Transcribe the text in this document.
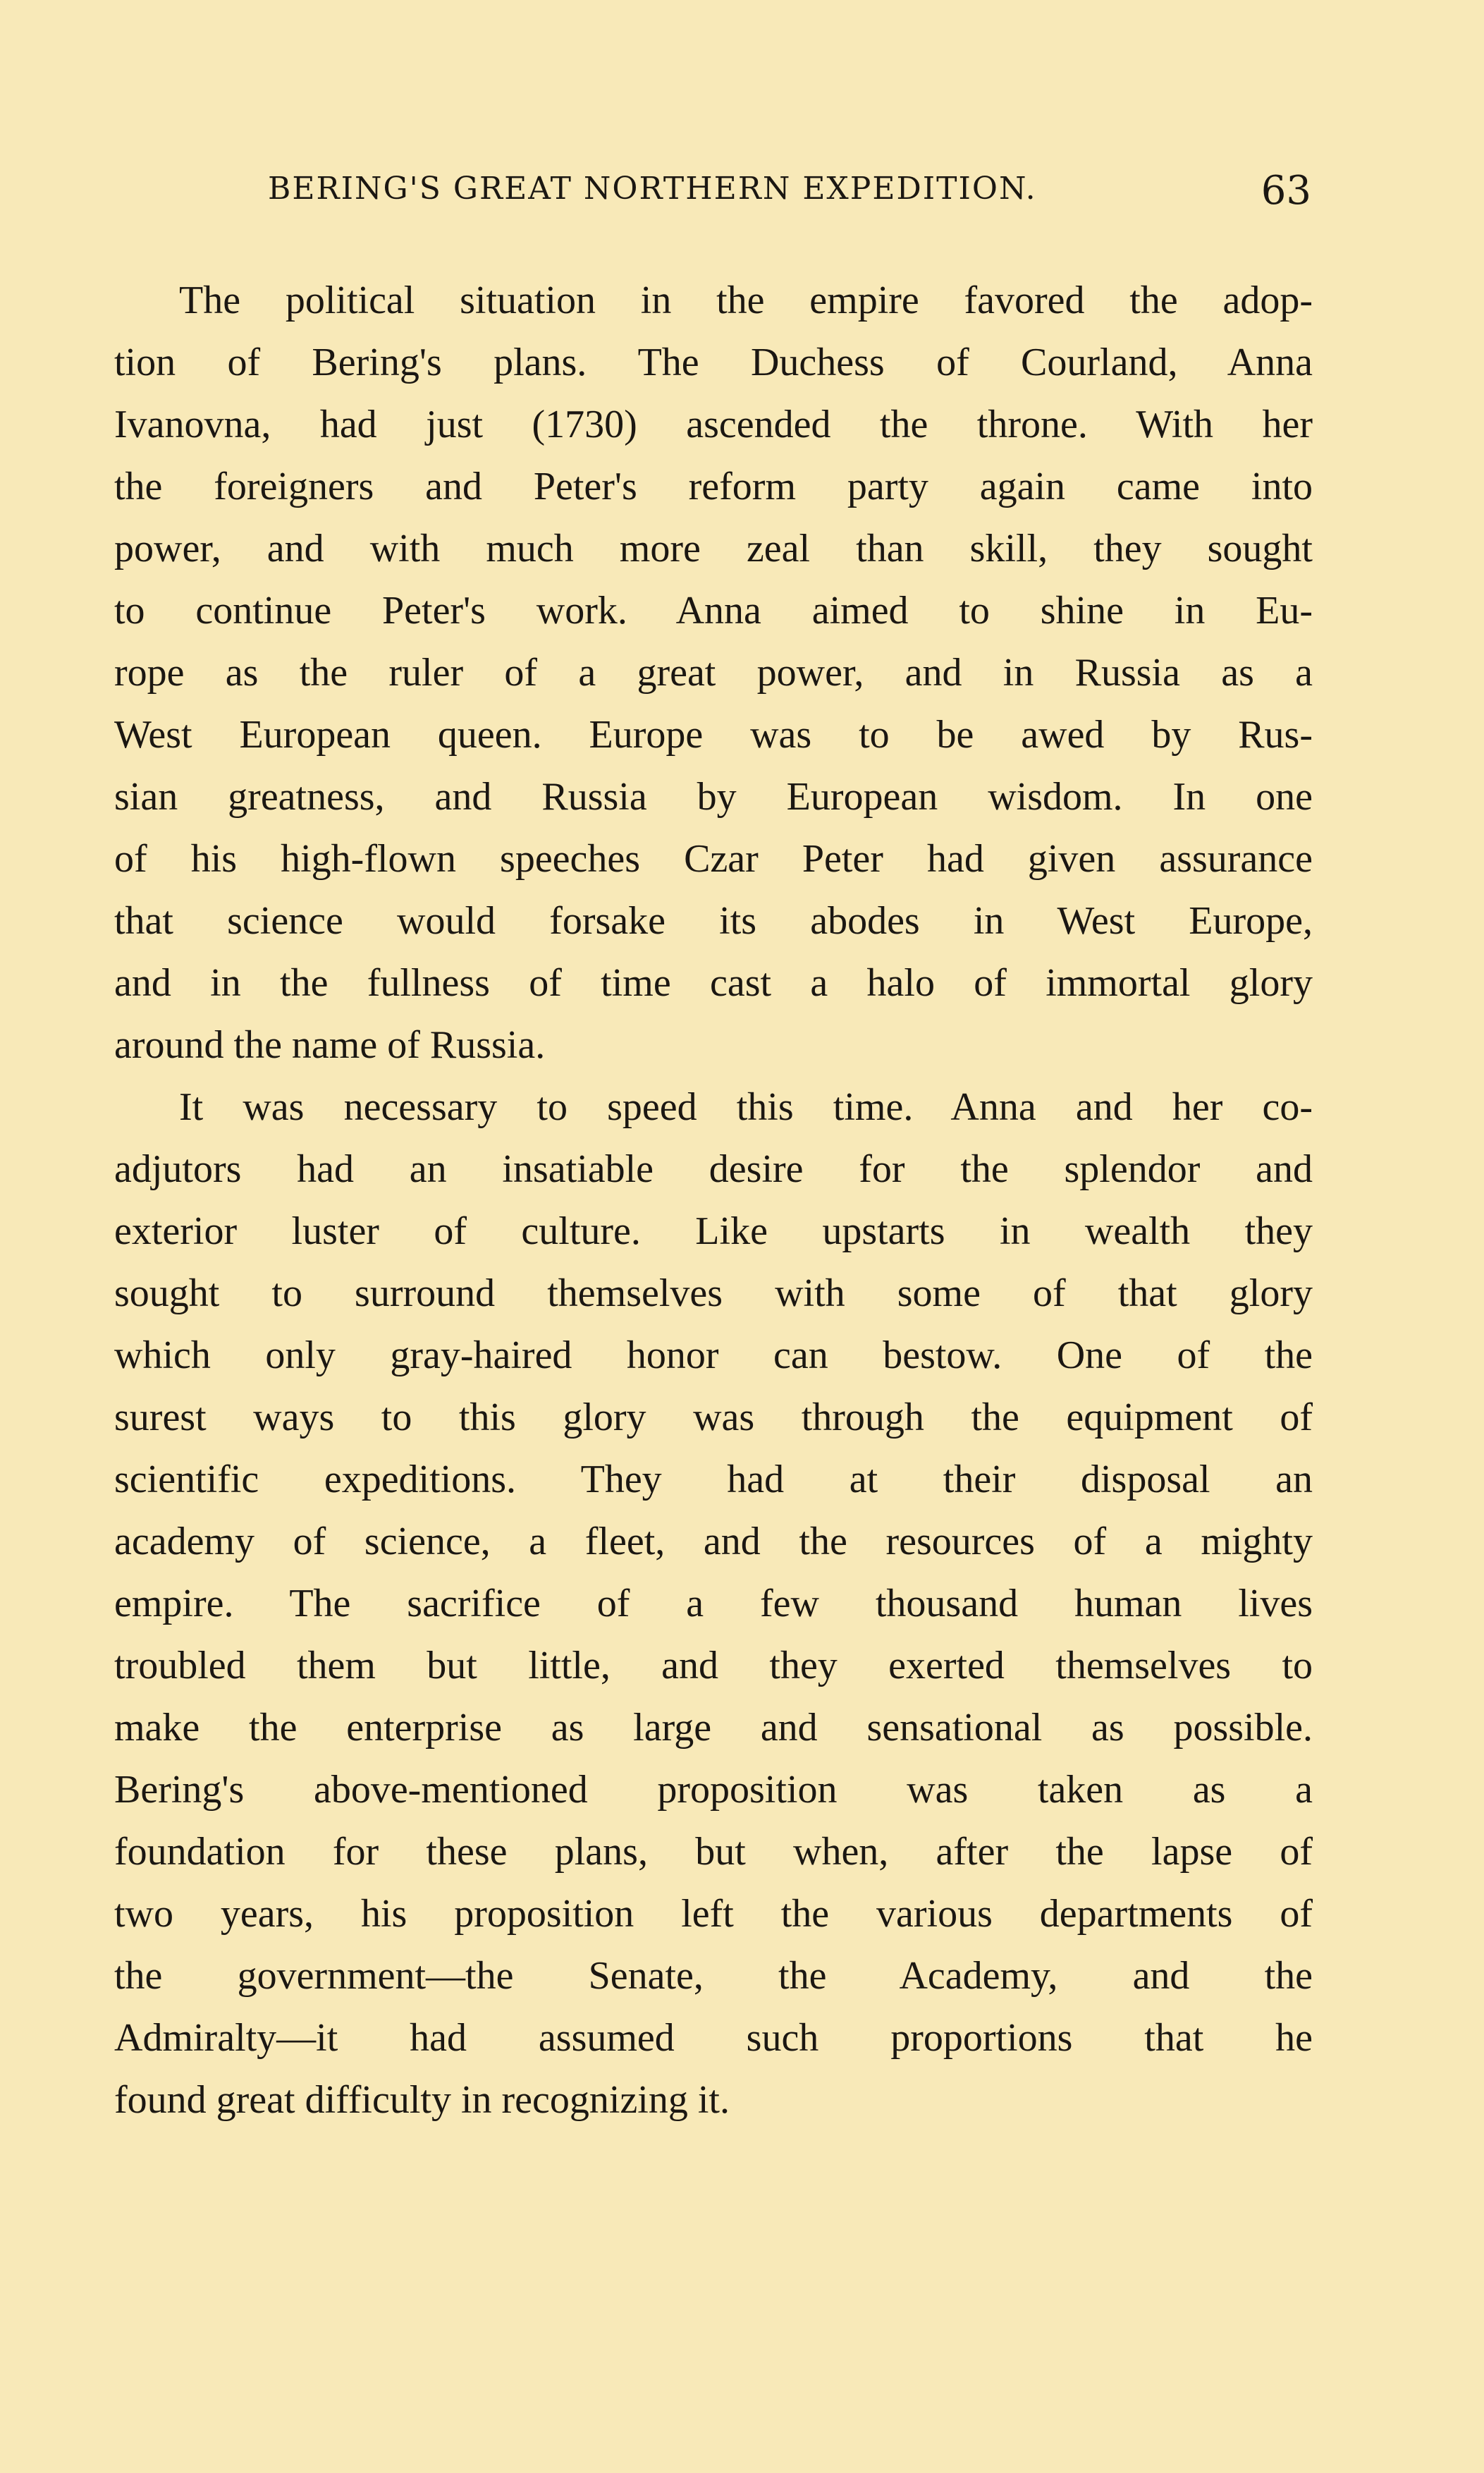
BERING'S GREAT NORTHERN EXPEDITION.	63
The political situation in the empire favored the adop-
tion of Bering's plans. The Duchess of Courland, Anna
Ivanovna, had just (1730) ascended the throne. With her
the foreigners and Peter's reform party again came into
power, and with much more zeal than skill, they sought
to continue Peter's work. Anna aimed to shine in Eu-
rope as the ruler of a great power, and in Russia as a
West European queen. Europe was to be awed by Rus-
sian greatness, and Russia by European wisdom. In one
of his high-flown speeches Czar Peter had given assurance
that science would forsake its abodes in West Europe,
and in the fullness of time cast a halo of immortal glory
around the name of Russia.
It was necessary to speed this time. Anna and her co-
adjutors had an insatiable desire for the splendor and
exterior luster of culture. Like upstarts in wealth they
sought to surround themselves with some of that glory
which only gray-haired honor can bestow. One of the
surest ways to this glory was through the equipment of
scientific expeditions. They had at their disposal an
academy of science, a fleet, and the resources of a mighty
empire. The sacrifice of a few thousand human lives
troubled them but little, and they exerted themselves to
make the enterprise as large and sensational as possible.
Bering's above-mentioned proposition was taken as a
foundation for these plans, but when, after the lapse of
two years, his proposition left the various departments of
the government—the Senate, the Academy, and the
Admiralty—it had assumed such proportions that he
found great difficulty in recognizing it.
